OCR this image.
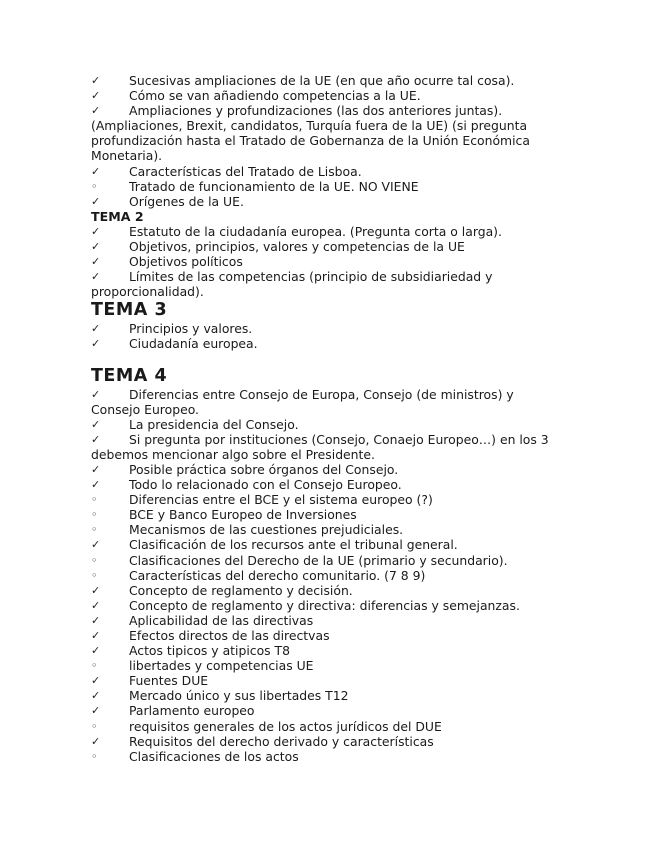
✓	Sucesivas ampliaciones de la UE (en que año ocurre tal cosa).
✓	Cómo se van añadiendo competencias a la UE.
✓	Ampliaciones y profundizaciones (las dos anteriores juntas). (Ampliaciones, Brexit, candidatos, Turquía fuera de la UE) (si pregunta profundización hasta el Tratado de Gobernanza de la Unión Económica Monetaria).
✓	Características del Tratado de Lisboa.
◦	Tratado de funcionamiento de la UE. NO VIENE
✓	Orígenes de la UE.
TEMA 2
✓	Estatuto de la ciudadanía europea. (Pregunta corta o larga).
✓	Objetivos, principios, valores y competencias de la UE
✓	Objetivos políticos
✓	Límites de las competencias (principio de subsidiariedad y proporcionalidad).
TEMA 3
✓	Principios y valores.
✓	Ciudadanía europea.
TEMA 4
✓	Diferencias entre Consejo de Europa, Consejo (de ministros) y Consejo Europeo.
✓	La presidencia del Consejo.
✓	Si pregunta por instituciones (Consejo, Conaejo Europeo…) en los 3 debemos mencionar algo sobre el Presidente.
✓	Posible práctica sobre órganos del Consejo.
✓	Todo lo relacionado con el Consejo Europeo.
◦	Diferencias entre el BCE y el sistema europeo (?)
◦	BCE y Banco Europeo de Inversiones
◦	Mecanismos de las cuestiones prejudiciales.
✓	Clasificación de los recursos ante el tribunal general.
◦	Clasificaciones del Derecho de la UE (primario y secundario).
◦	Características del derecho comunitario. (7 8 9)
✓	Concepto de reglamento y decisión.
✓	Concepto de reglamento y directiva: diferencias y semejanzas.
✓	Aplicabilidad de las directivas
✓	Efectos directos de las directvas
✓	Actos tipicos y atipicos T8
◦	libertades y competencias UE
✓	Fuentes DUE
✓	Mercado único y sus libertades T12
✓	Parlamento europeo
◦	requisitos generales de los actos jurídicos del DUE
✓	Requisitos del derecho derivado y características
◦	Clasificaciones de los actos
